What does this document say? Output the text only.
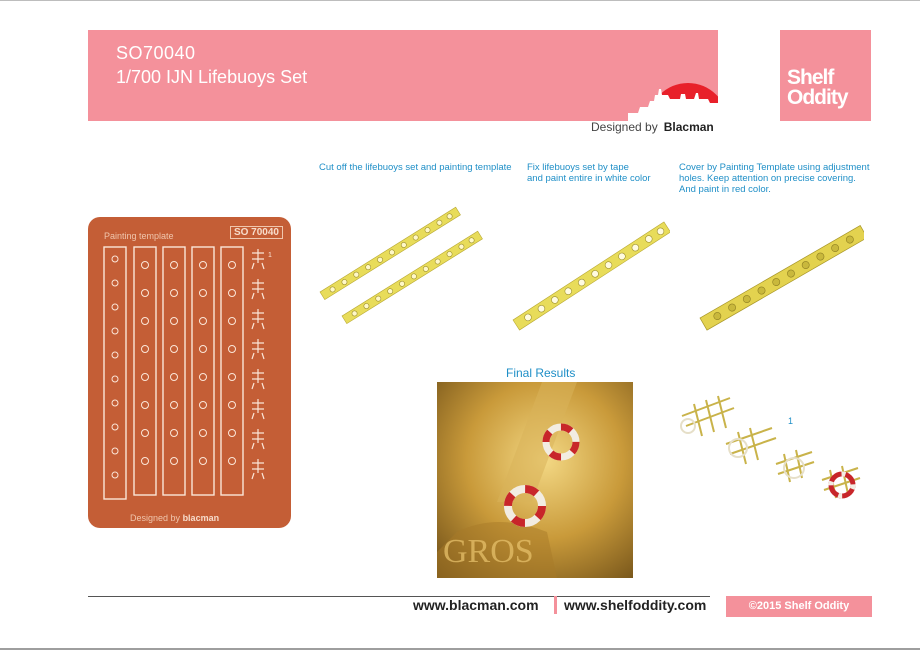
SO70040
1/700 IJN Lifebuoys Set
Designed by Blacman
Shelf
Oddity
Cut off the lifebuoys set and painting template Fix lifebuoys set by tape
and paint entire in white color
Cover by Painting Template using adjustment
holes. Keep attention on precise covering.
And paint in red color.
Painting template	SO 70040
1
Designed by blacman
Final Results
GROS
1
www.blacman.com www.shelfoddity.com	©2015 Shelf Oddity
